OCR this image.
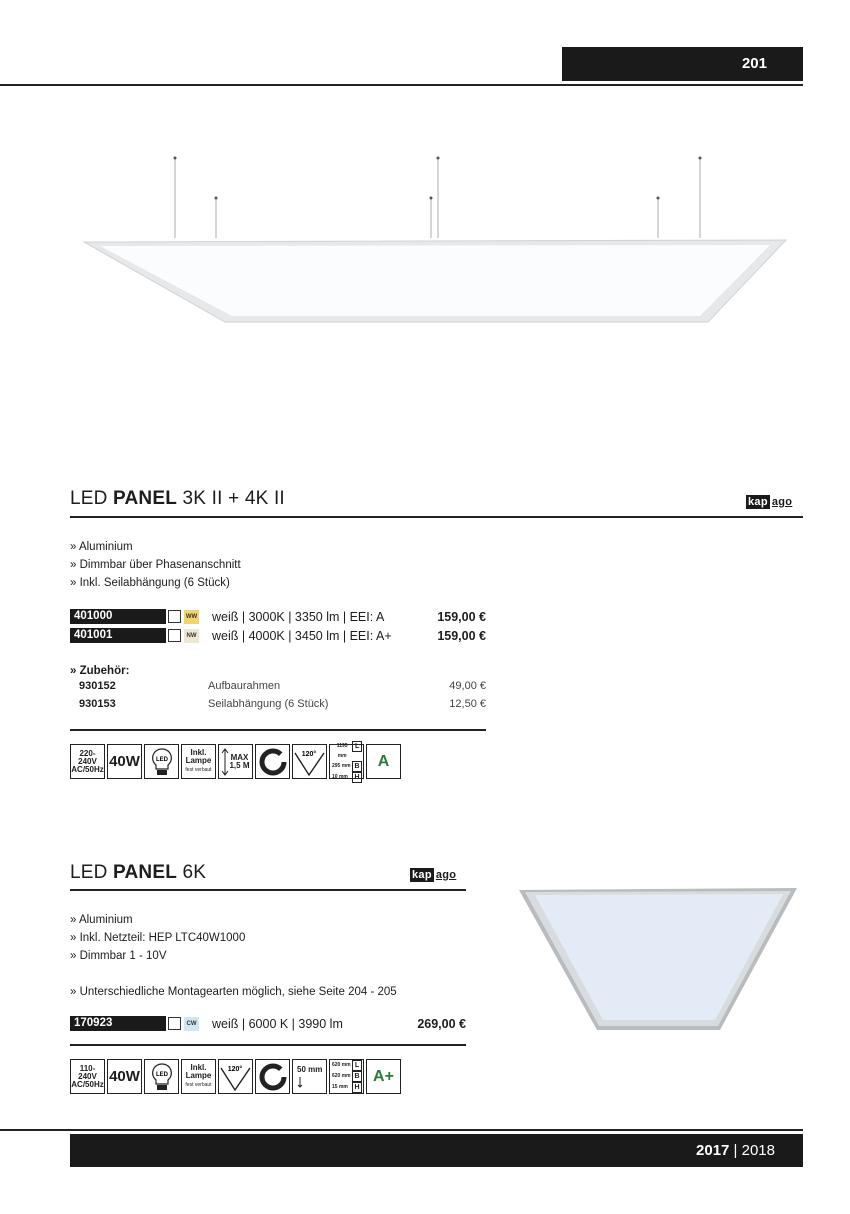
201
LED PANEL 3K II + 4K II	kap ago
» Aluminium
» Dimmbar über Phasenanschnitt
» Inkl. Seilabhängung (6 Stück)
401000	WW weiß | 3000K | 3350 lm | EEI: A	159,00 €
401001	NW weiß | 4000K | 3450 lm | EEI: A+	159,00 €
» Zubehör:
930152	Aufbaurahmen	49,00 €
930153	Seilabhängung (6 Stück)	12,50 €
220-240V AC/50Hz 40W	LED
Inkl. Lampe
fest verbaut
MAX 1,5 M
120°
1195 mm
L
295 mm B
10 mm H
A
LED PANEL 6K	kap ago
» Aluminium
» Inkl. Netzteil: HEP LTC40W1000
» Dimmbar 1 - 10V
» Unterschiedliche Montagearten möglich, siehe Seite 204 - 205
170923	CW weiß | 6000 K | 3990 lm	269,00 €
110-240V AC/50Hz 40W	LED
Inkl. Lampe
fest verbaut
120°	50 mm 620 mm L
620 mm B
15 mm H
A+
2017 | 2018
